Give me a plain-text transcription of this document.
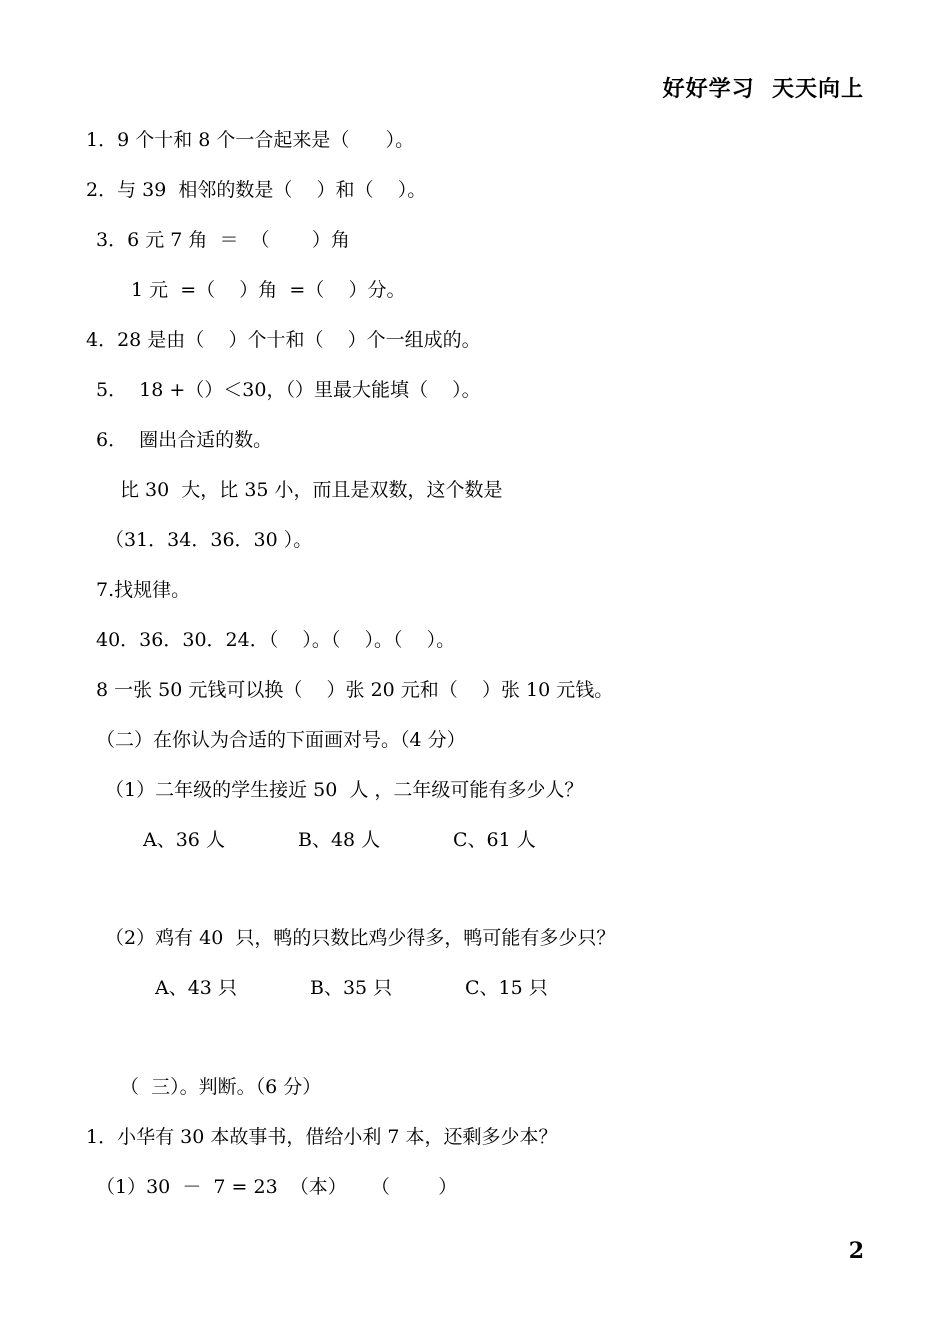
好好学习  天天向上
1．9 个十和 8 个一合起来是（      ）。
2．与 39  相邻的数是（    ）和（    ）。
3．6 元 7 角  ＝  （       ）角
1 元  =（    ）角  =（    ）分。
4．28 是由（    ）个十和（    ）个一组成的。
5．  18 +（）＜30，（）里最大能填（    ）。
6．  圈出合适的数。
比 30  大，比 35 小，而且是双数，这个数是
（31．34．36．30 ）。
7.找规律。
40．36．30．24．（    ）。（    ）。（    ）。
8 一张 50 元钱可以换（    ）张 20 元和（    ）张 10 元钱。
（二）在你认为合适的下面画对号。（4 分）
（1）二年级的学生接近 50  人 ，二年级可能有多少人？
A、36 人	B、48 人	C、61 人
（2）鸡有 40  只，鸭的只数比鸡少得多，鸭可能有多少只？
A、43 只	B、35 只	C、15 只
（  三）。判断。（6 分）
1．小华有 30 本故事书，借给小利 7 本，还剩多少本？
（1）30  －  7 = 23  （本）    （        ）
2
